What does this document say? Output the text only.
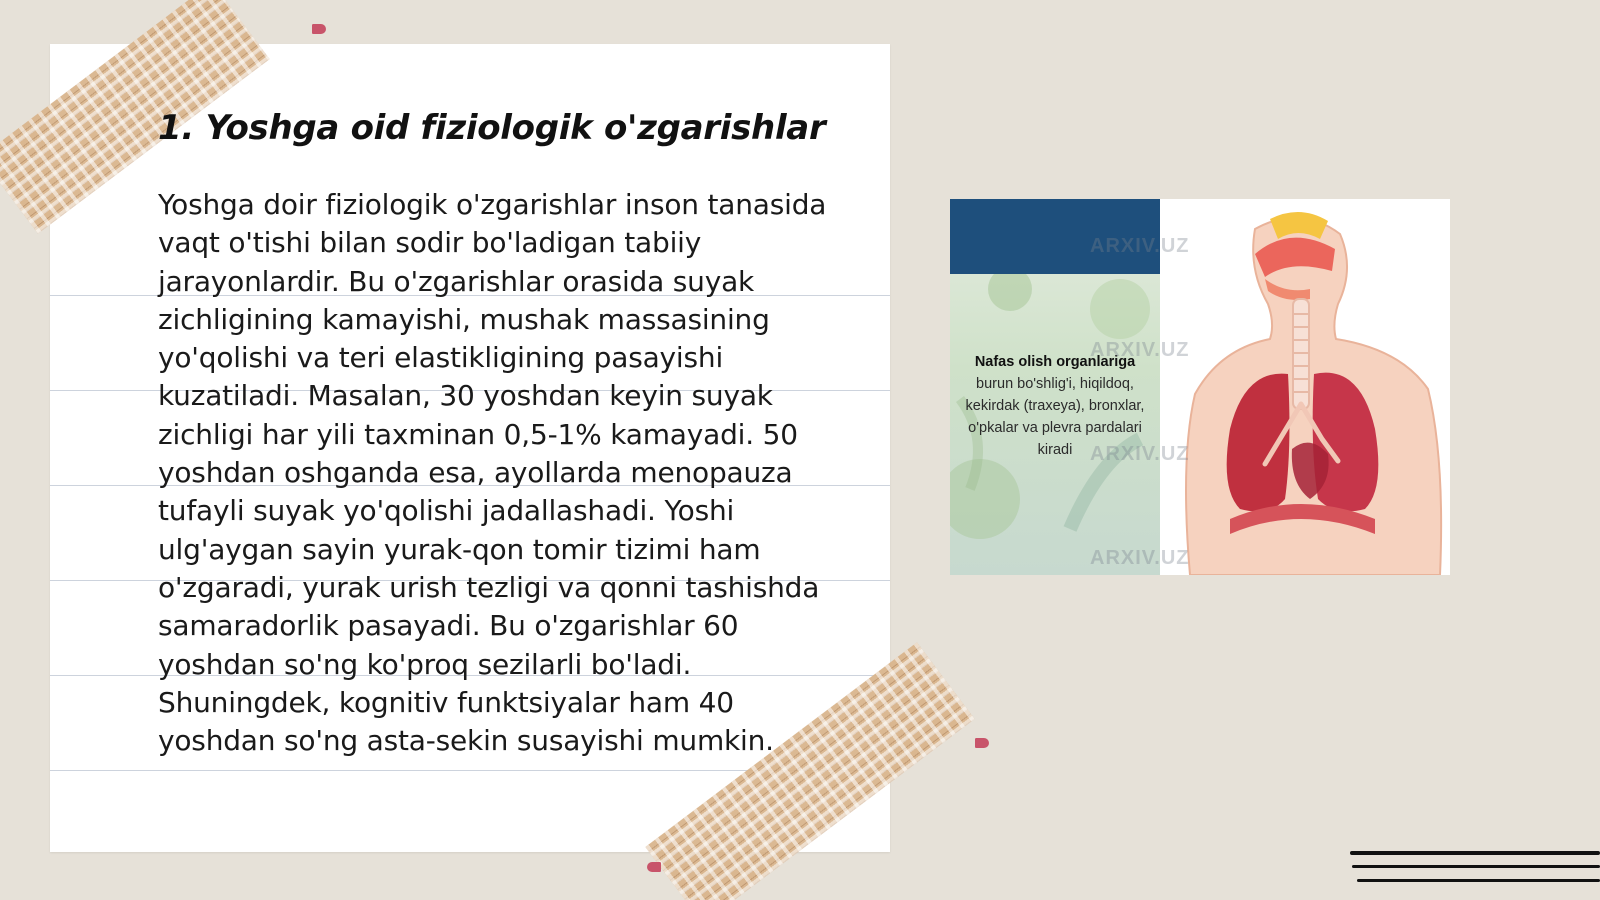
1. Yoshga oid fiziologik o'zgarishlar

Yoshga doir fiziologik o'zgarishlar inson tanasida vaqt o'tishi bilan sodir bo'ladigan tabiiy jarayonlardir. Bu o'zgarishlar orasida suyak zichligining kamayishi, mushak massasining yo'qolishi va teri elastikligining pasayishi kuzatiladi. Masalan, 30 yoshdan keyin suyak zichligi har yili taxminan 0,5-1% kamayadi. 50 yoshdan oshganda esa, ayollarda menopauza tufayli suyak yo'qolishi jadallashadi. Yoshi ulg'aygan sayin yurak-qon tomir tizimi ham o'zgaradi, yurak urish tezligi va qonni tashishda samaradorlik pasayadi. Bu o'zgarishlar 60 yoshdan so'ng ko'proq sezilarli bo'ladi. Shuningdek, kognitiv funktsiyalar ham 40 yoshdan so'ng asta-sekin susayishi mumkin.

Nafas olish organlariga burun bo'shlig'i, hiqildoq, kekirdak (traxeya), bronxlar, o'pkalar va plevra pardalari kiradi
ARXIV.UZ
ARXIV.UZ
ARXIV.UZ
ARXIV.UZ
